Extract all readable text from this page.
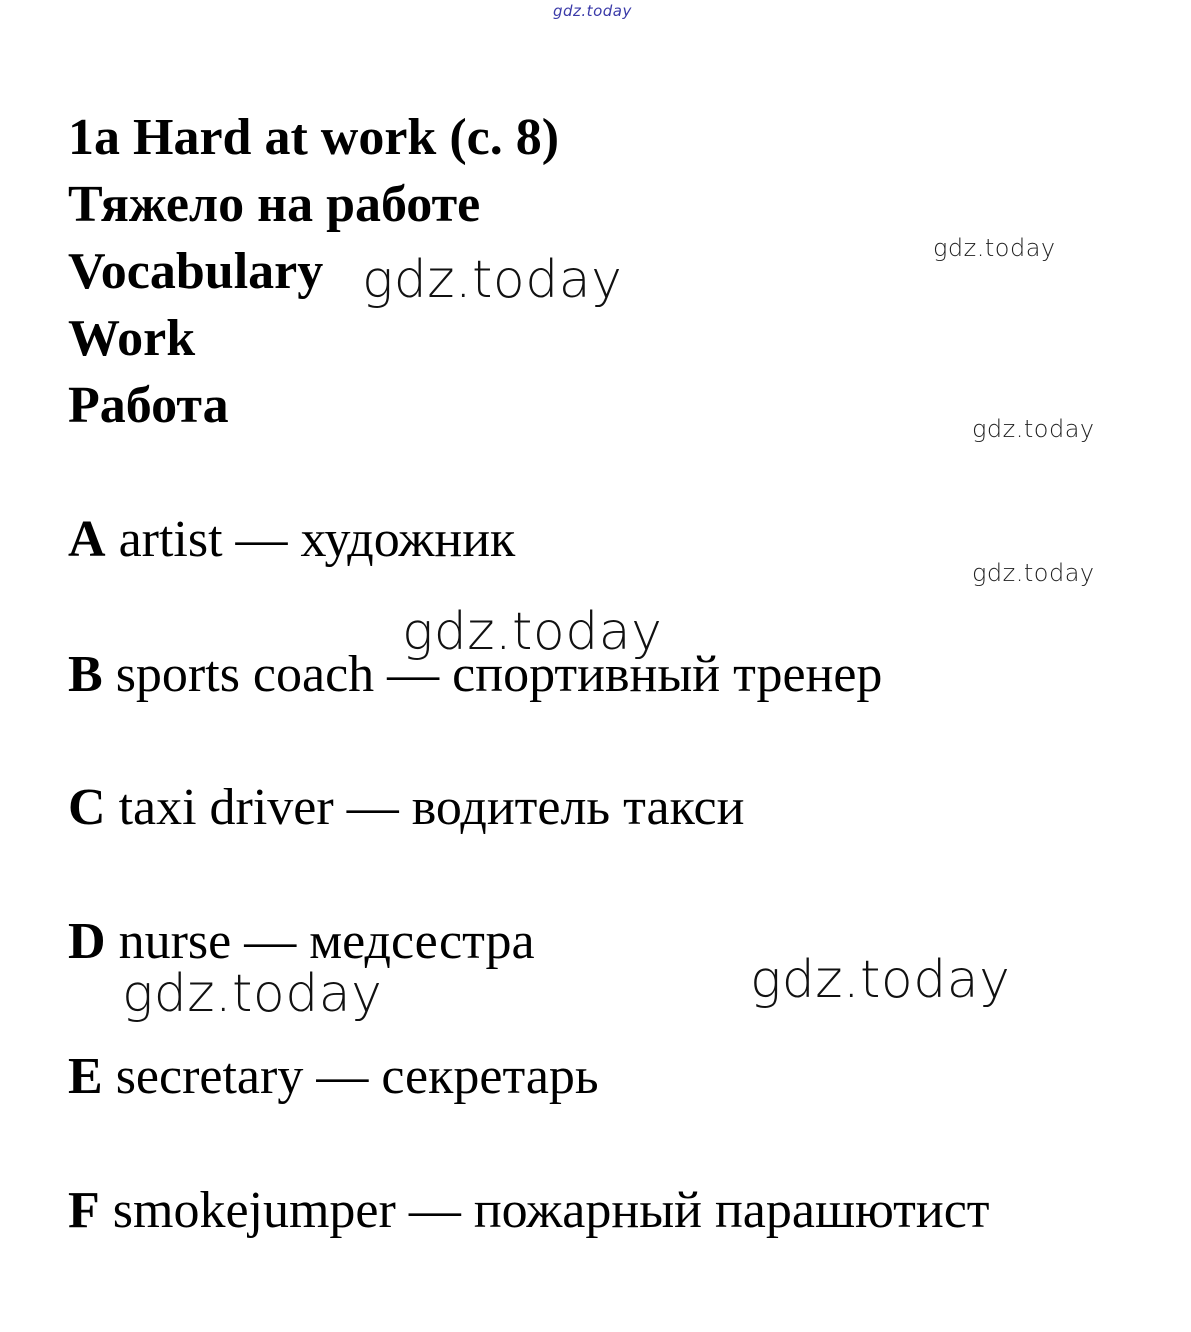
gdz.today
1a Hard at work (c. 8)
Тяжело на работе
Vocabulary
Work
Работа
A artist — художник
B sports coach — спортивный тренер
C taxi driver — водитель такси
D nurse — медсестра
E secretary — секретарь
F smokejumper — пожарный парашютист
gdz.today
gdz.today
gdz.today
gdz.today
gdz.today
gdz.today
gdz.today
